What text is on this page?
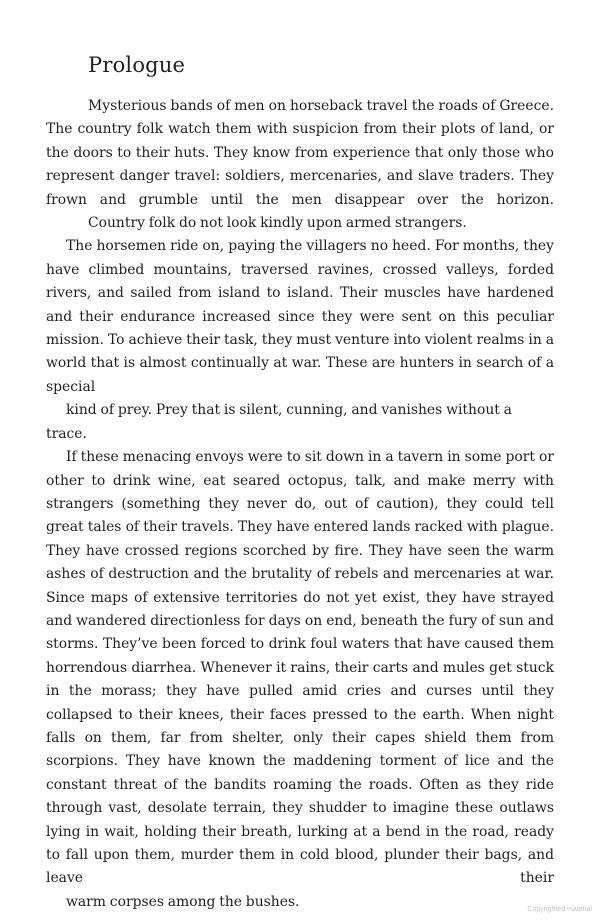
Prologue

Mysterious bands of men on horseback travel the roads of Greece. The country folk watch them with suspicion from their plots of land, or the doors to their huts. They know from experience that only those who represent danger travel: soldiers, mercenaries, and slave traders. They frown and grumble until the men disappear over the horizon.
Country folk do not look kindly upon armed strangers.

The horsemen ride on, paying the villagers no heed. For months, they have climbed mountains, traversed ravines, crossed valleys, forded rivers, and sailed from island to island. Their muscles have hardened and their endurance increased since they were sent on this peculiar mission. To achieve their task, they must venture into violent realms in a world that is almost continually at war. These are hunters in search of a special
kind of prey. Prey that is silent, cunning, and vanishes without a trace.

If these menacing envoys were to sit down in a tavern in some port or other to drink wine, eat seared octopus, talk, and make merry with strangers (something they never do, out of caution), they could tell great tales of their travels. They have entered lands racked with plague. They have crossed regions scorched by fire. They have seen the warm ashes of destruction and the brutality of rebels and mercenaries at war. Since maps of extensive territories do not yet exist, they have strayed and wandered directionless for days on end, beneath the fury of sun and storms. They’ve been forced to drink foul waters that have caused them horrendous diarrhea. Whenever it rains, their carts and mules get stuck in the morass; they have pulled amid cries and curses until they collapsed to their knees, their faces pressed to the earth. When night falls on them, far from shelter, only their capes shield them from scorpions. They have known the maddening torment of lice and the constant threat of the bandits roaming the roads. Often as they ride through vast, desolate terrain, they shudder to imagine these outlaws lying in wait, holding their breath, lurking at a bend in the road, ready to fall upon them, murder them in cold blood, plunder their bags, and leave their
warm corpses among the bushes.	Copyrighted material
